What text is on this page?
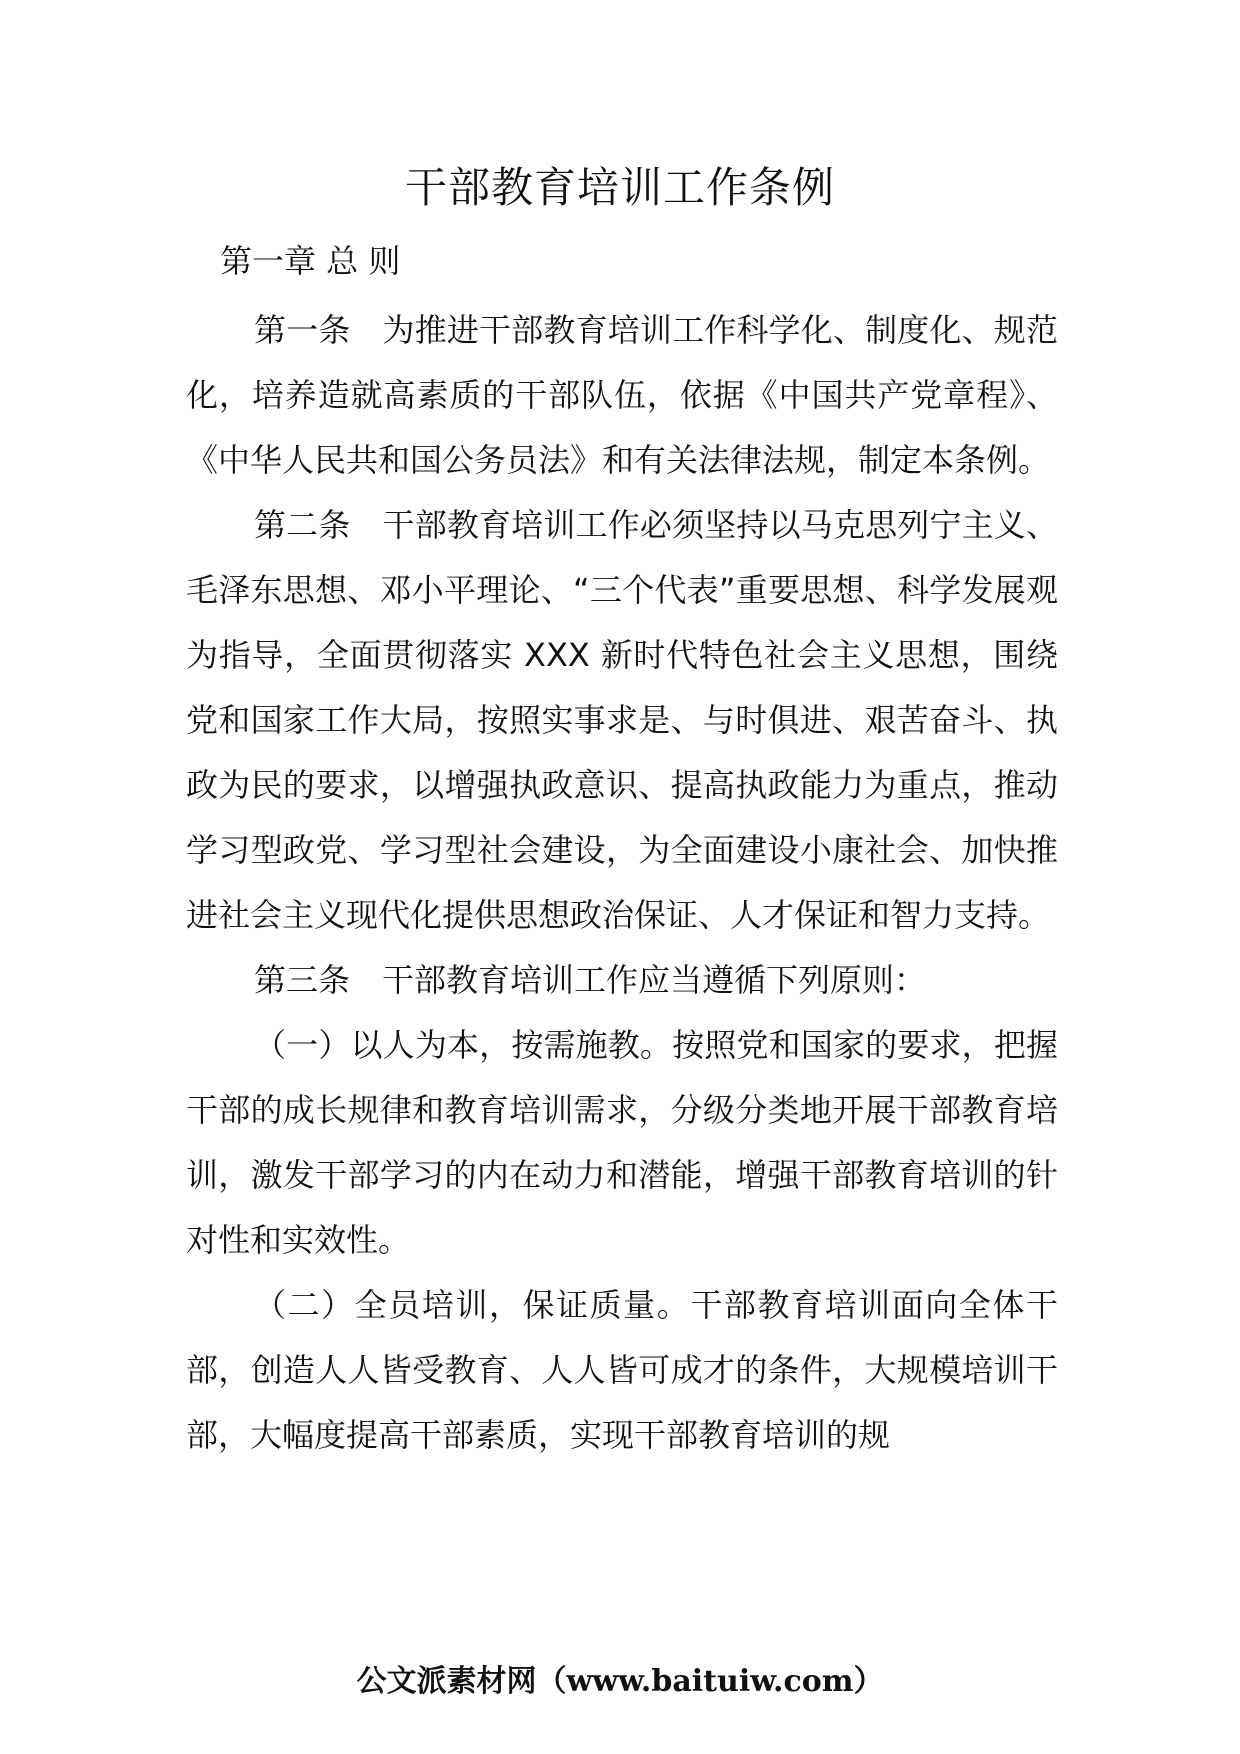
干部教育培训工作条例

第一章 总 则

第一条 为推进干部教育培训工作科学化、制度化、规范化，培养造就高素质的干部队伍，依据《中国共产党章程》、《中华人民共和国公务员法》和有关法律法规，制定本条例。

第二条 干部教育培训工作必须坚持以马克思列宁主义、毛泽东思想、邓小平理论、“三个代表”重要思想、科学发展观为指导，全面贯彻落实 XXX 新时代特色社会主义思想，围绕党和国家工作大局，按照实事求是、与时俱进、艰苦奋斗、执政为民的要求，以增强执政意识、提高执政能力为重点，推动学习型政党、学习型社会建设，为全面建设小康社会、加快推进社会主义现代化提供思想政治保证、人才保证和智力支持。

第三条 干部教育培训工作应当遵循下列原则：

（一）以人为本，按需施教。按照党和国家的要求，把握干部的成长规律和教育培训需求，分级分类地开展干部教育培训，激发干部学习的内在动力和潜能，增强干部教育培训的针对性和实效性。

（二）全员培训，保证质量。干部教育培训面向全体干部，创造人人皆受教育、人人皆可成才的条件，大规模培训干部，大幅度提高干部素质，实现干部教育培训的规

公文派素材网（www.baituiw.com）
